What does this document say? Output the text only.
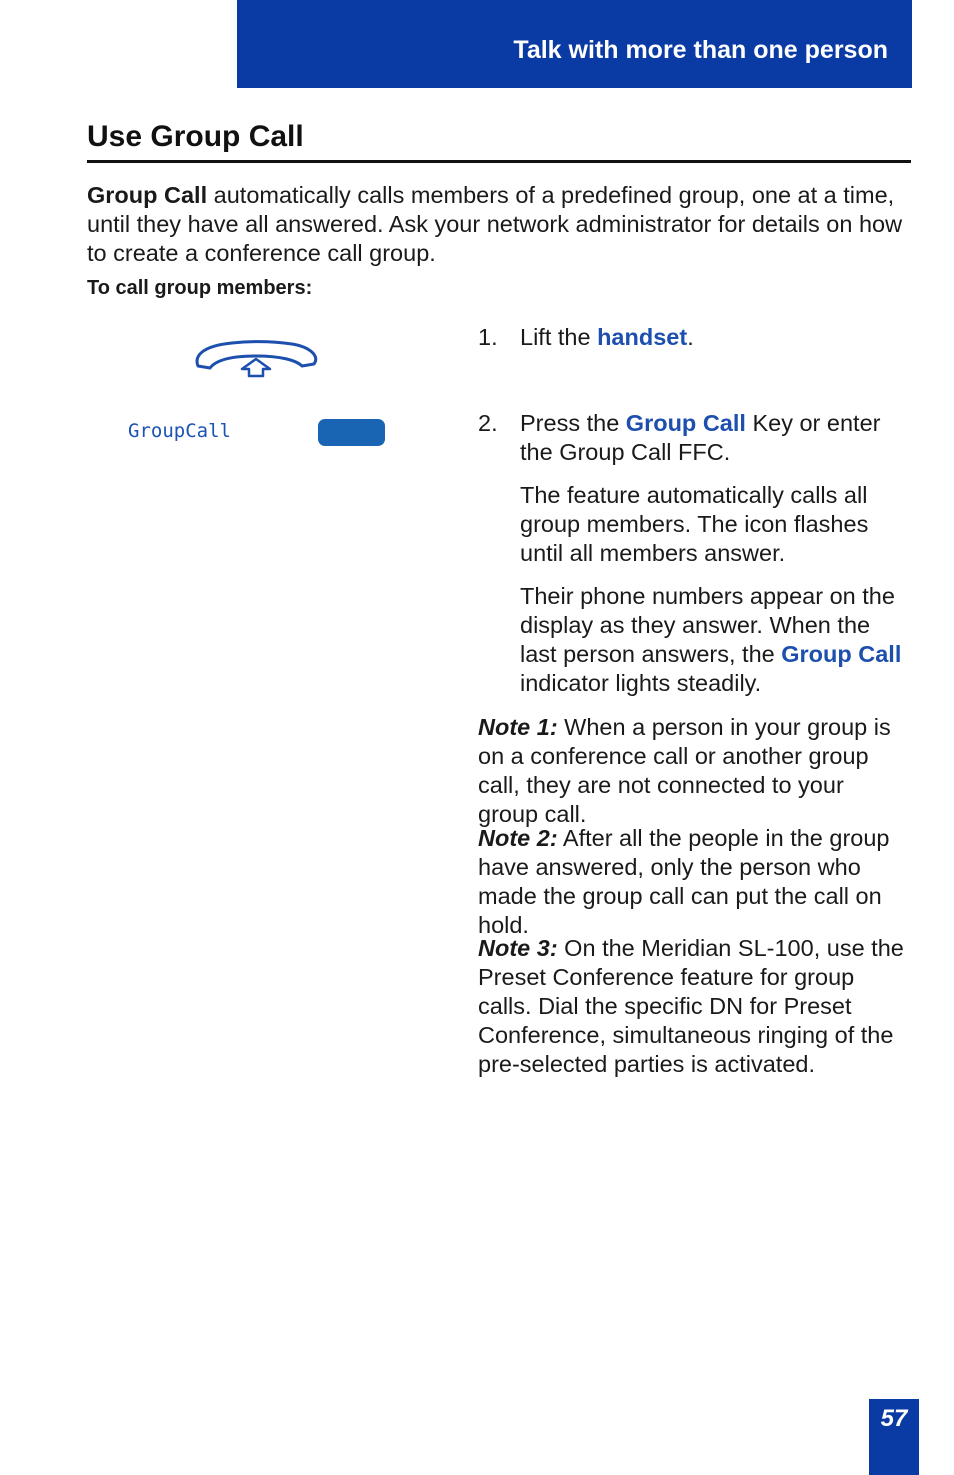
Talk with more than one person
Use Group Call
Group Call automatically calls members of a predefined group, one at a time, until they have all answered. Ask your network administrator for details on how to create a conference call group.
To call group members:
GroupCall
1. Lift the handset.
2. Press the Group Call Key or enter the Group Call FFC.

The feature automatically calls all group members. The icon flashes until all members answer.

Their phone numbers appear on the display as they answer. When the last person answers, the Group Call indicator lights steadily.

Note 1: When a person in your group is on a conference call or another group call, they are not connected to your group call.
Note 2: After all the people in the group have answered, only the person who made the group call can put the call on hold.
Note 3: On the Meridian SL-100, use the Preset Conference feature for group calls. Dial the specific DN for Preset Conference, simultaneous ringing of the pre-selected parties is activated.
57
